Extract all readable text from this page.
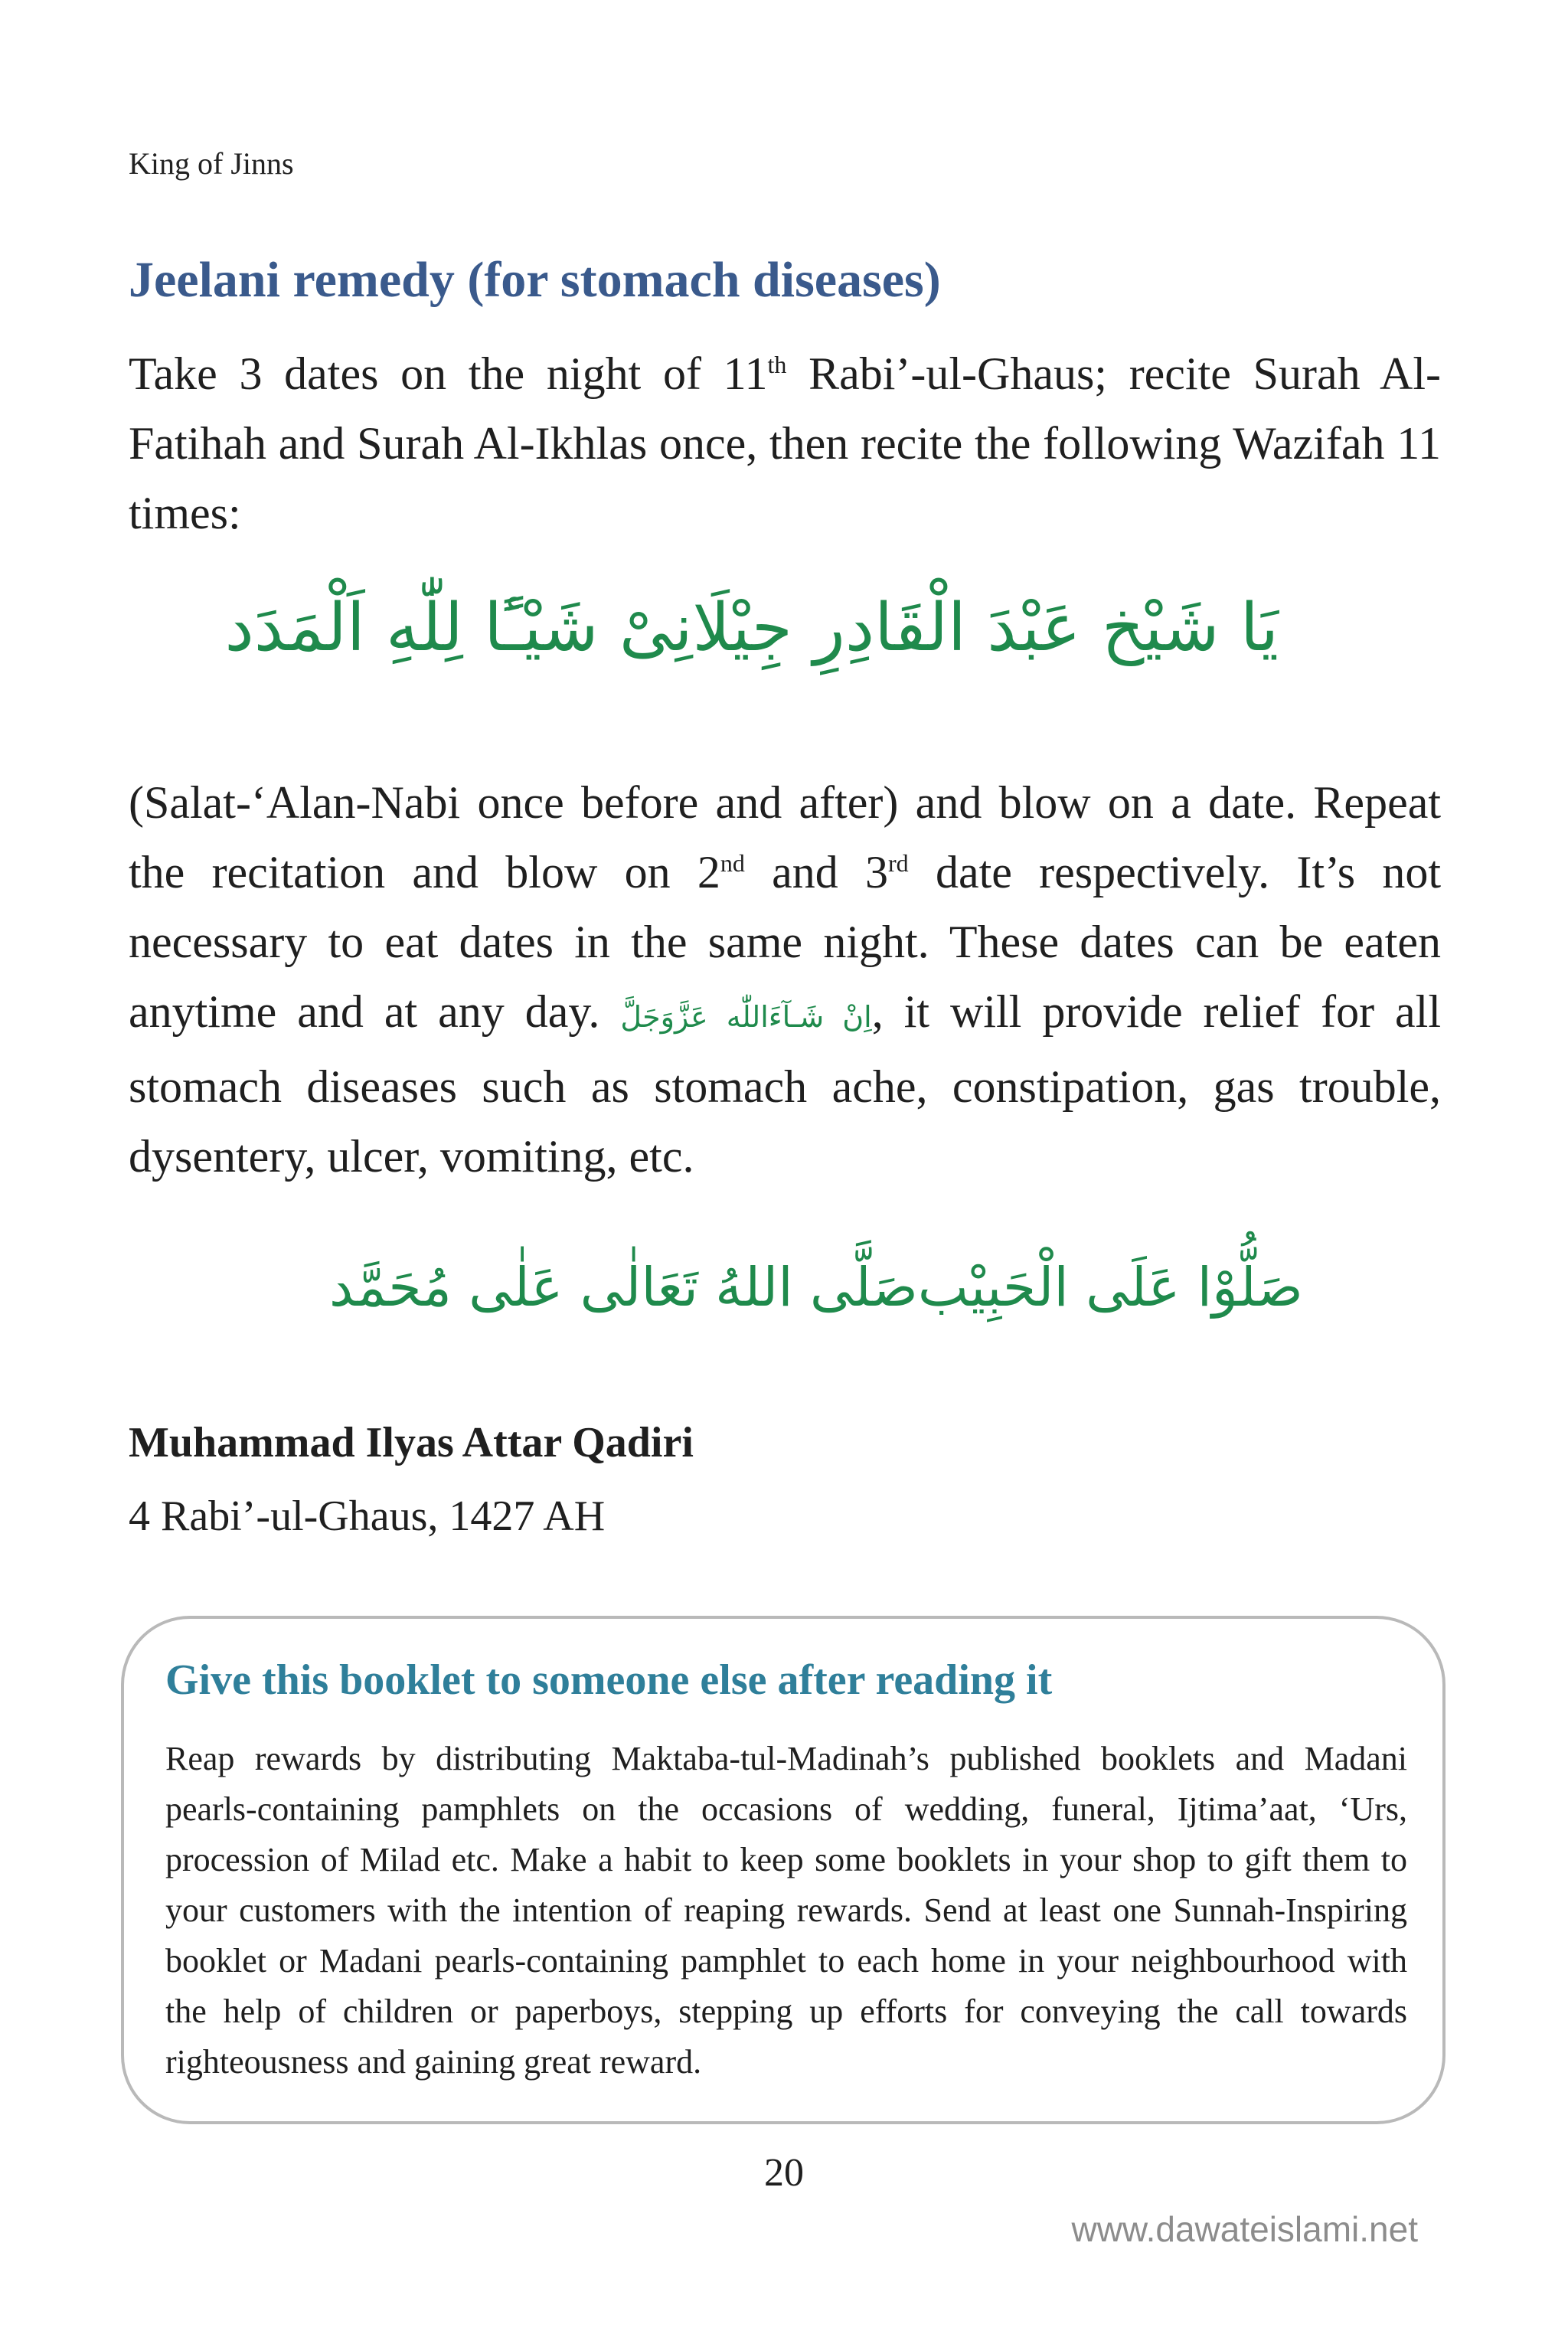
King of Jinns
Jeelani remedy (for stomach diseases)

Take 3 dates on the night of 11th Rabi’-ul-Ghaus; recite Surah Al-Fatihah and Surah Al-Ikhlas once, then recite the following Wazifah 11 times:

يَا شَيْخ عَبْدَ الْقَادِرِ جِيْلَانِیْ شَيْـًٔا لِلّٰهِ اَلْمَدَد

(Salat-‘Alan-Nabi once before and after) and blow on a date. Repeat the recitation and blow on 2nd and 3rd date respectively. It’s not necessary to eat dates in the same night. These dates can be eaten anytime and at any day. اِنْ شَـآءَاللّٰه عَزَّوَجَلَّ, it will provide relief for all stomach diseases such as stomach ache, constipation, gas trouble, dysentery, ulcer, vomiting, etc.

صَلَّى اللهُ تَعَالٰى عَلٰى مُحَمَّد صَلُّوْا عَلَى الْحَبِيْب

Muhammad Ilyas Attar Qadiri

4 Rabi’-ul-Ghaus, 1427 AH

Give this booklet to someone else after reading it

Reap rewards by distributing Maktaba-tul-Madinah’s published booklets and Madani pearls-containing pamphlets on the occasions of wedding, funeral, Ijtima’aat, ‘Urs, procession of Milad etc. Make a habit to keep some booklets in your shop to gift them to your customers with the intention of reaping rewards. Send at least one Sunnah-Inspiring booklet or Madani pearls-containing pamphlet to each home in your neighbourhood with the help of children or paperboys, stepping up efforts for conveying the call towards righteousness and gaining great reward.

20
www.dawateislami.net
